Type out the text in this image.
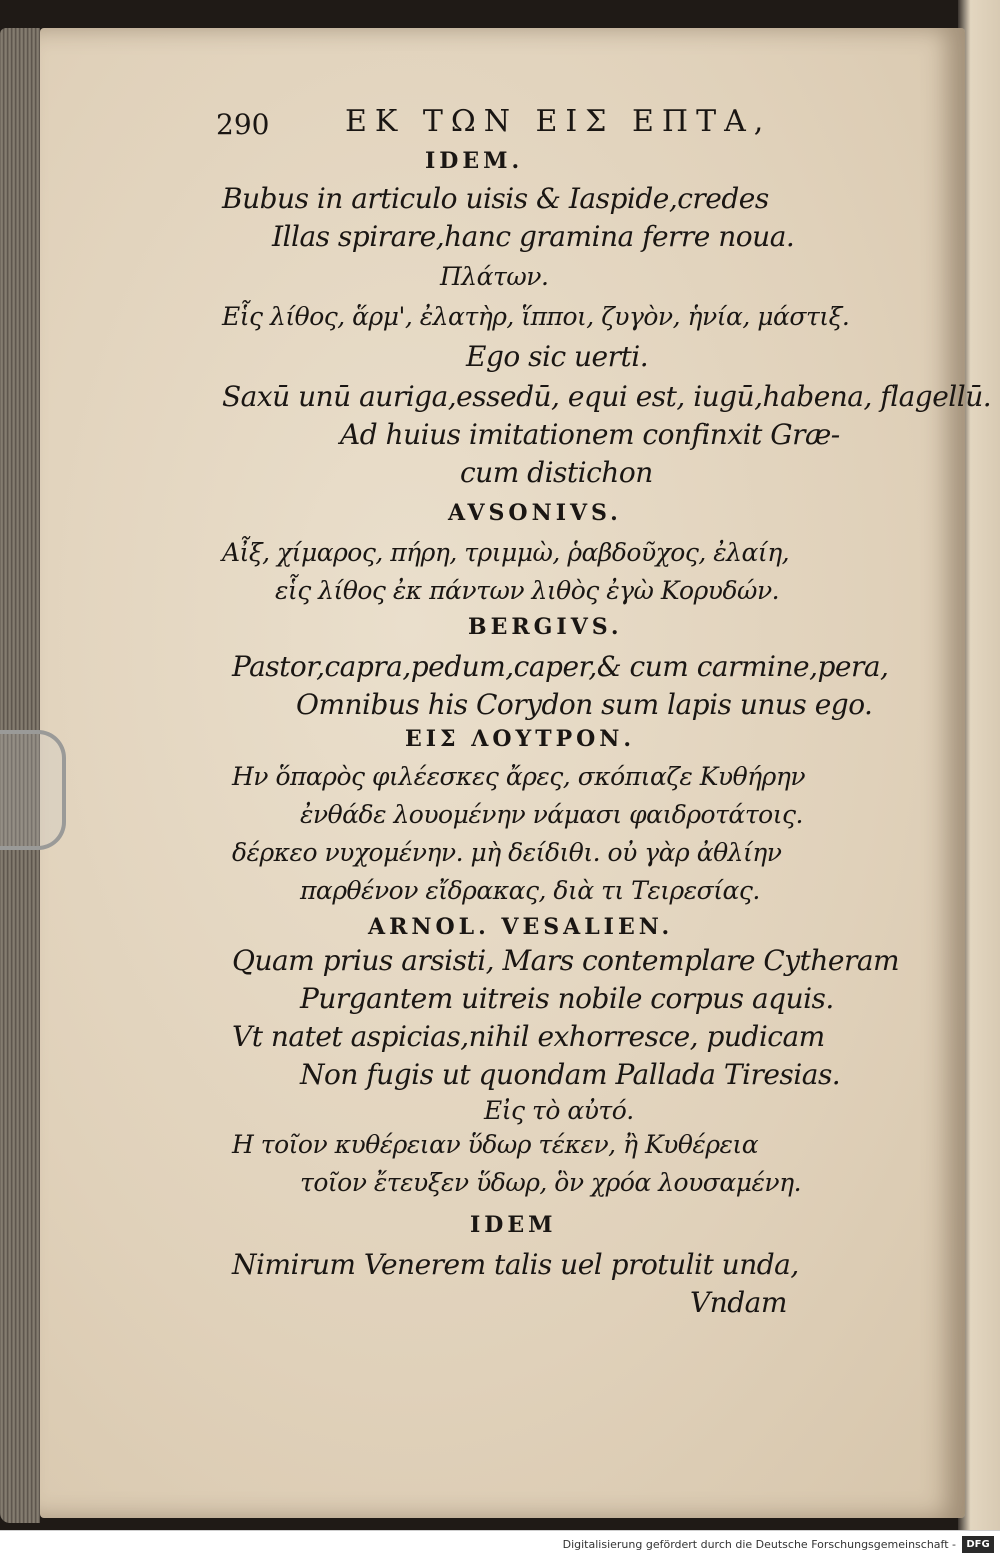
290	ΕΚ ΤΩΝ ΕΙΣ ΕΠΤΑ,
IDEM.
Bubus in articulo uisis & Iaspide,credes
Illas spirare,hanc gramina ferre noua.
Πλάτων.
Εἷς λίθος, ἅρμ', ἐλατὴρ, ἵπποι, ζυγὸν, ἡνία, μάστιξ.
Ego sic uerti.
Saxū unū auriga,essedū, equi est, iugū,habena, flagellū.
Ad huius imitationem confinxit Græ-
cum distichon
AVSONIVS.
Αἶξ, χίμαρος, πήρη, τριμμὼ, ῥαβδοῦχος, ἐλαίη,
εἷς λίθος ἐκ πάντων λιθὸς ἐγὼ Κορυδών.
BERGIVS.
Pastor,capra,pedum,caper,& cum carmine,pera,
Omnibus his Corydon sum lapis unus ego.
ΕΙΣ ΛΟΥΤΡΟΝ.
Ην ὅπαρὸς φιλέεσκες ἄρες, σκόπιαζε Κυθήρην
ἐνθάδε λουομένην νάμασι φαιδροτάτοις.
δέρκεο νυχομένην. μὴ δείδιθι. οὐ γὰρ ἀθλίην
παρθένον εἴδρακας, διὰ τι Τειρεσίας.
ARNOL. VESALIEN.
Quam prius arsisti, Mars contemplare Cytheram
Purgantem uitreis nobile corpus aquis.
Vt natet aspicias,nihil exhorresce, pudicam
Non fugis ut quondam Pallada Tiresias.
Εἰς τὸ αὐτό.
Η τοῖον κυθέρειαν ὕδωρ τέκεν, ἢ Κυθέρεια
τοῖον ἔτευξεν ὕδωρ, ὃν χρόα λουσαμένη.
IDEM
Nimirum Venerem talis uel protulit unda,
Vndam
Digitalisierung gefördert durch die Deutsche Forschungsgemeinschaft -	DFG
